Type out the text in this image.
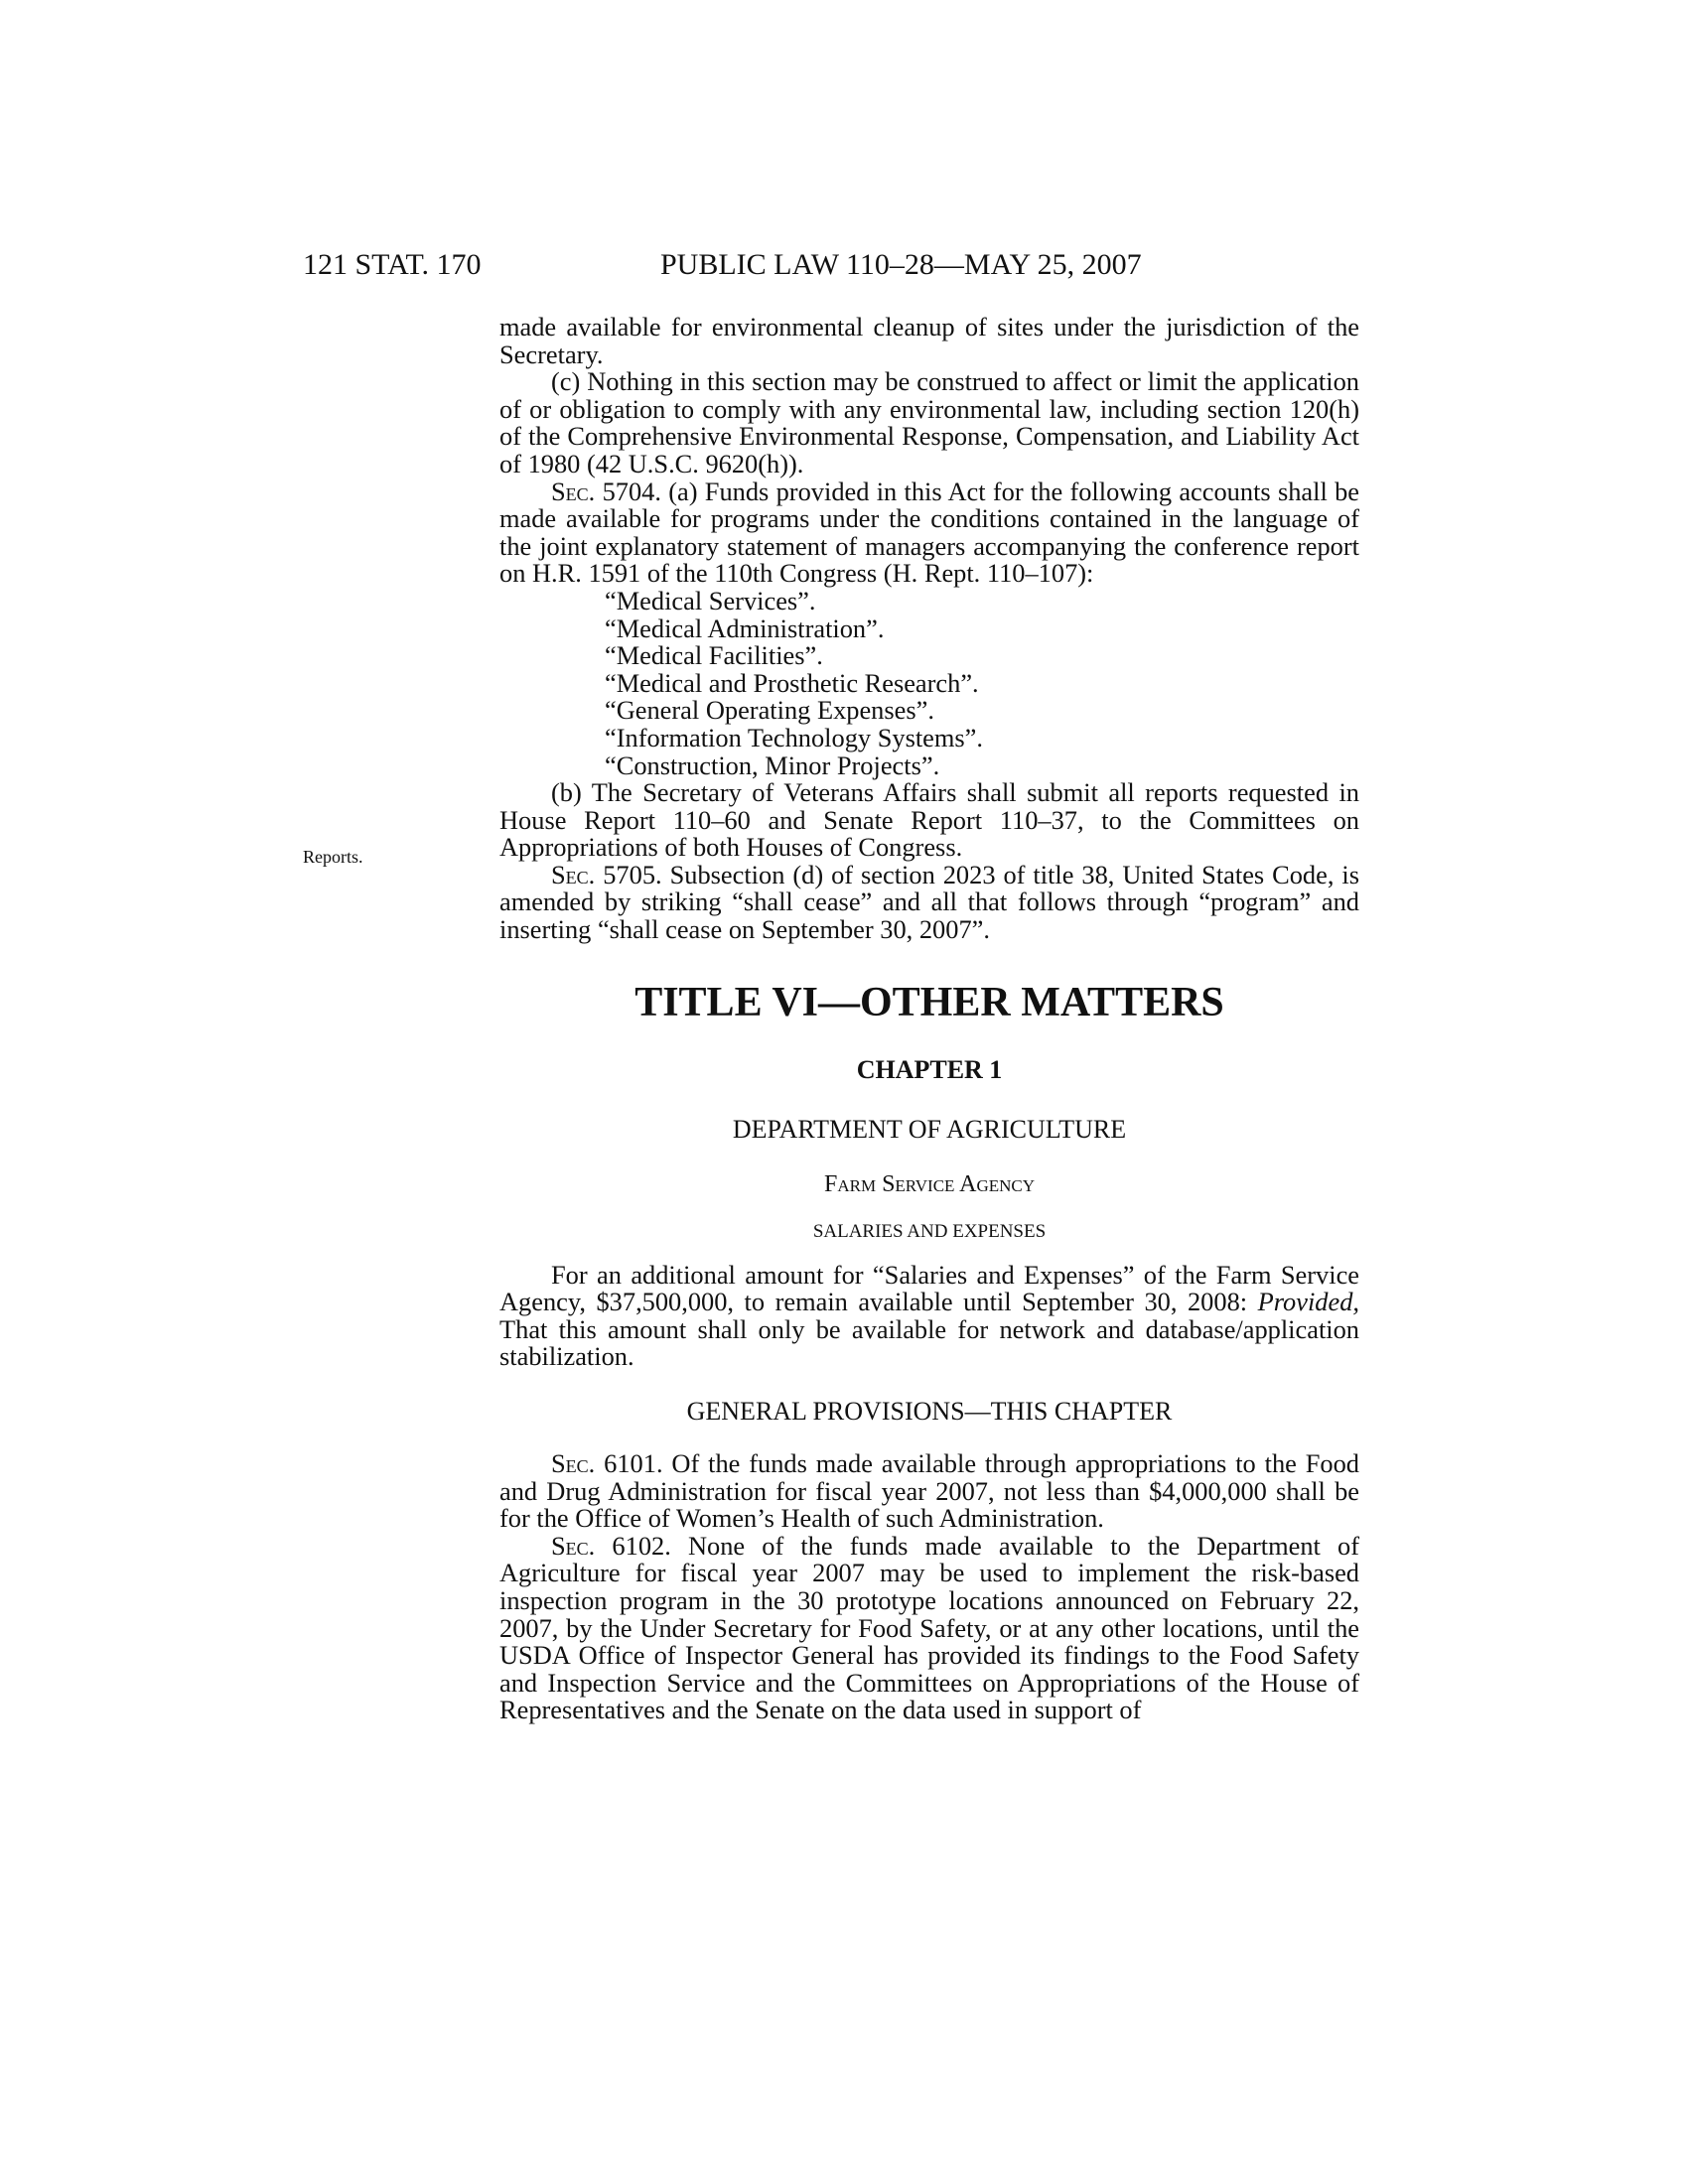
121 STAT. 170	PUBLIC LAW 110–28—MAY 25, 2007
Reports.

made available for environmental cleanup of sites under the jurisdiction of the Secretary.

(c) Nothing in this section may be construed to affect or limit the application of or obligation to comply with any environmental law, including section 120(h) of the Comprehensive Environmental Response, Compensation, and Liability Act of 1980 (42 U.S.C. 9620(h)).

Sec. 5704. (a) Funds provided in this Act for the following accounts shall be made available for programs under the conditions contained in the language of the joint explanatory statement of managers accompanying the conference report on H.R. 1591 of the 110th Congress (H. Rept. 110–107):

“Medical Services”.
“Medical Administration”.
“Medical Facilities”.
“Medical and Prosthetic Research”.
“General Operating Expenses”.
“Information Technology Systems”.
“Construction, Minor Projects”.

(b) The Secretary of Veterans Affairs shall submit all reports requested in House Report 110–60 and Senate Report 110–37, to the Committees on Appropriations of both Houses of Congress.

Sec. 5705. Subsection (d) of section 2023 of title 38, United States Code, is amended by striking “shall cease” and all that follows through “program” and inserting “shall cease on September 30, 2007”.

TITLE VI—OTHER MATTERS
CHAPTER 1
DEPARTMENT OF AGRICULTURE
Farm Service Agency
SALARIES AND EXPENSES

For an additional amount for “Salaries and Expenses” of the Farm Service Agency, $37,500,000, to remain available until September 30, 2008: Provided, That this amount shall only be available for network and database/application stabilization.

GENERAL PROVISIONS—THIS CHAPTER

Sec. 6101. Of the funds made available through appropriations to the Food and Drug Administration for fiscal year 2007, not less than $4,000,000 shall be for the Office of Women’s Health of such Administration.

Sec. 6102. None of the funds made available to the Department of Agriculture for fiscal year 2007 may be used to implement the risk-based inspection program in the 30 prototype locations announced on February 22, 2007, by the Under Secretary for Food Safety, or at any other locations, until the USDA Office of Inspector General has provided its findings to the Food Safety and Inspection Service and the Committees on Appropriations of the House of Representatives and the Senate on the data used in support of
